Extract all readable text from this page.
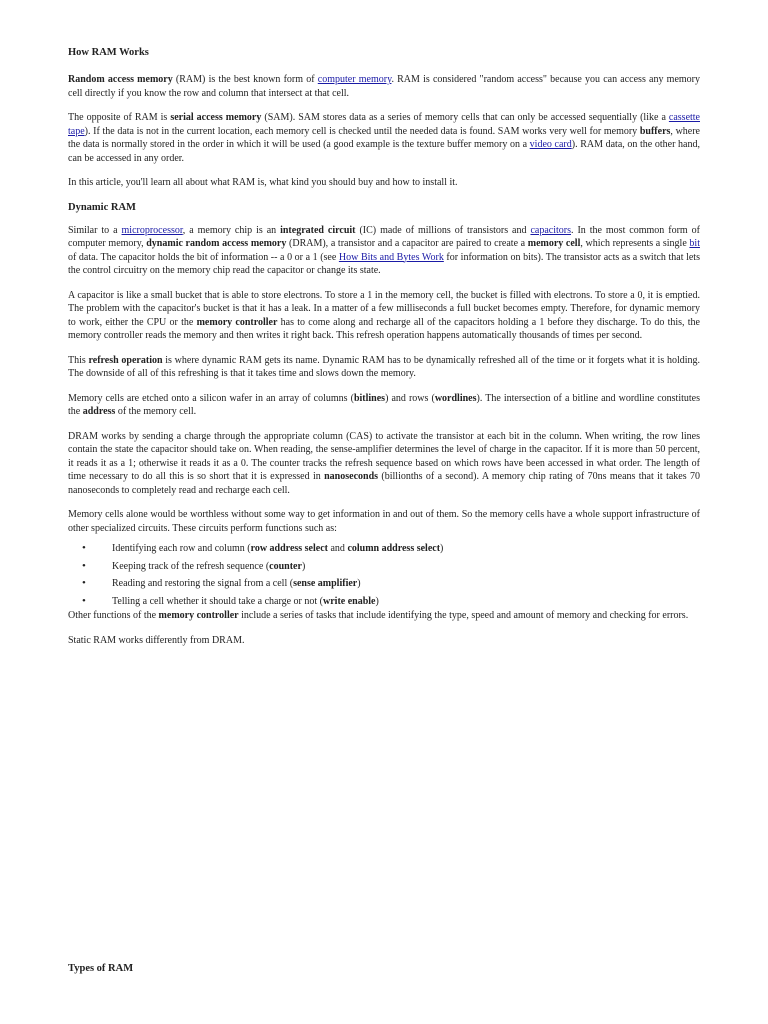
How RAM Works

Random access memory (RAM) is the best known form of computer memory. RAM is considered "random access" because you can access any memory cell directly if you know the row and column that intersect at that cell.

The opposite of RAM is serial access memory (SAM). SAM stores data as a series of memory cells that can only be accessed sequentially (like a cassette tape). If the data is not in the current location, each memory cell is checked until the needed data is found. SAM works very well for memory buffers, where the data is normally stored in the order in which it will be used (a good example is the texture buffer memory on a video card). RAM data, on the other hand, can be accessed in any order.

In this article, you'll learn all about what RAM is, what kind you should buy and how to install it.

Dynamic RAM

Similar to a microprocessor, a memory chip is an integrated circuit (IC) made of millions of transistors and capacitors. In the most common form of computer memory, dynamic random access memory (DRAM), a transistor and a capacitor are paired to create a memory cell, which represents a single bit of data. The capacitor holds the bit of information -- a 0 or a 1 (see How Bits and Bytes Work for information on bits). The transistor acts as a switch that lets the control circuitry on the memory chip read the capacitor or change its state.

A capacitor is like a small bucket that is able to store electrons. To store a 1 in the memory cell, the bucket is filled with electrons. To store a 0, it is emptied. The problem with the capacitor's bucket is that it has a leak. In a matter of a few milliseconds a full bucket becomes empty. Therefore, for dynamic memory to work, either the CPU or the memory controller has to come along and recharge all of the capacitors holding a 1 before they discharge. To do this, the memory controller reads the memory and then writes it right back. This refresh operation happens automatically thousands of times per second.

This refresh operation is where dynamic RAM gets its name. Dynamic RAM has to be dynamically refreshed all of the time or it forgets what it is holding. The downside of all of this refreshing is that it takes time and slows down the memory.

Memory cells are etched onto a silicon wafer in an array of columns (bitlines) and rows (wordlines). The intersection of a bitline and wordline constitutes the address of the memory cell.

DRAM works by sending a charge through the appropriate column (CAS) to activate the transistor at each bit in the column. When writing, the row lines contain the state the capacitor should take on. When reading, the sense-amplifier determines the level of charge in the capacitor. If it is more than 50 percent, it reads it as a 1; otherwise it reads it as a 0. The counter tracks the refresh sequence based on which rows have been accessed in what order. The length of time necessary to do all this is so short that it is expressed in nanoseconds (billionths of a second). A memory chip rating of 70ns means that it takes 70 nanoseconds to completely read and recharge each cell.

Memory cells alone would be worthless without some way to get information in and out of them. So the memory cells have a whole support infrastructure of other specialized circuits. These circuits perform functions such as:

• Identifying each row and column (row address select and column address select)
• Keeping track of the refresh sequence (counter)
• Reading and restoring the signal from a cell (sense amplifier)
• Telling a cell whether it should take a charge or not (write enable)

Other functions of the memory controller include a series of tasks that include identifying the type, speed and amount of memory and checking for errors.

Static RAM works differently from DRAM.

Types of RAM
